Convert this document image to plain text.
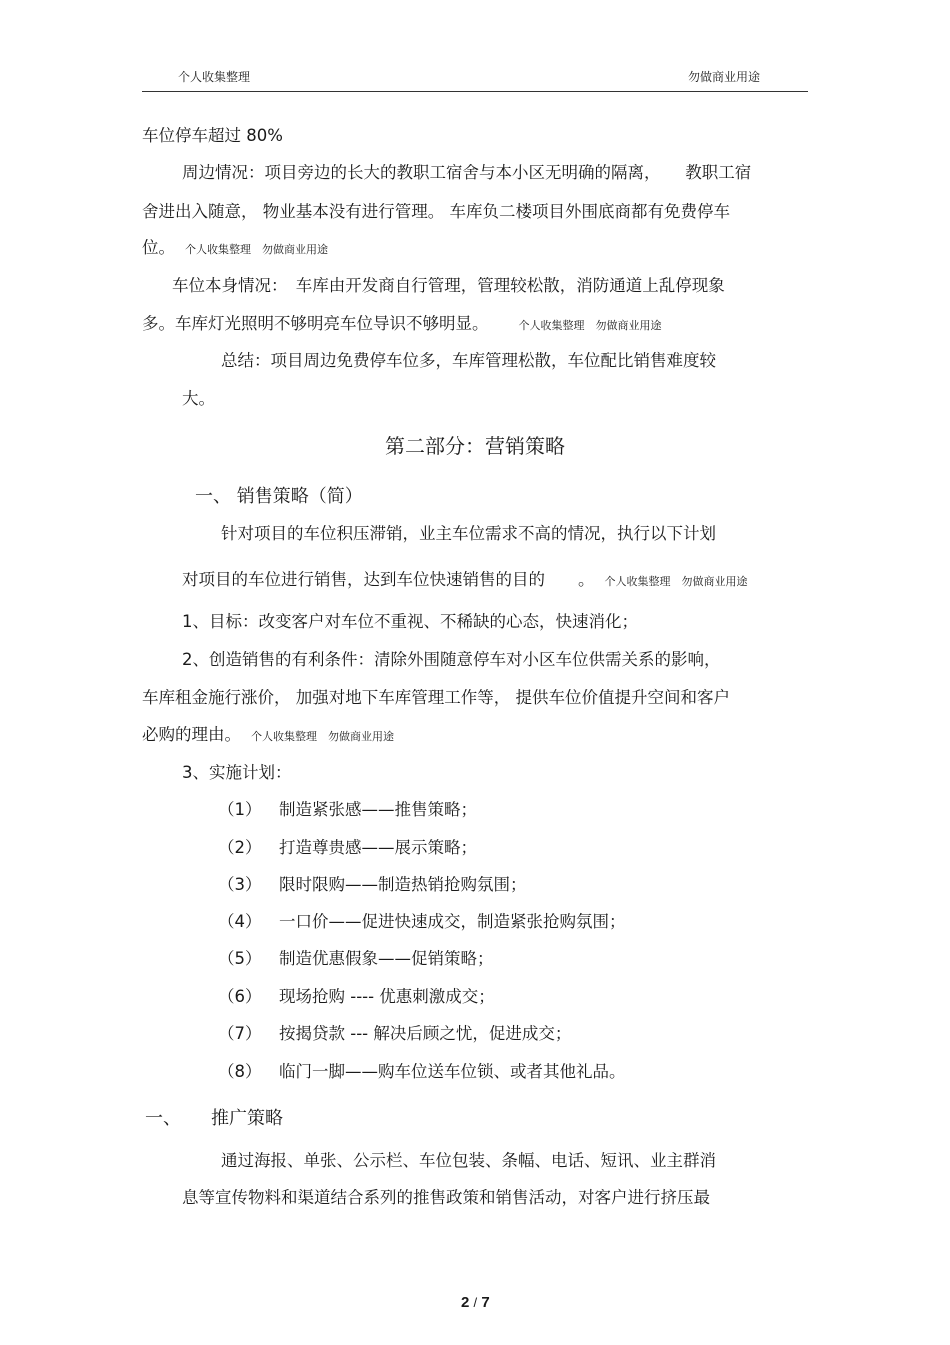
个人收集整理	勿做商业用途
车位停车超过 80%
周边情况：项目旁边的长大的教职工宿舍与本小区无明确的隔离，　　教职工宿
舍进出入随意， 物业基本没有进行管理。 车库负二楼项目外围底商都有免费停车
位。 个人收集整理　勿做商业用途
车位本身情况：　车库由开发商自行管理，管理较松散，消防通道上乱停现象
多。车库灯光照明不够明亮车位导识不够明显。	个人收集整理　勿做商业用途
总结：项目周边免费停车位多，车库管理松散，车位配比销售难度较
大。
第二部分：营销策略
一、 销售策略（简）
针对项目的车位积压滞销，业主车位需求不高的情况，执行以下计划
对项目的车位进行销售，达到车位快速销售的目的　　。 个人收集整理　勿做商业用途
1、目标：改变客户对车位不重视、不稀缺的心态，快速消化；
2、创造销售的有利条件：清除外围随意停车对小区车位供需关系的影响，
车库租金施行涨价， 加强对地下车库管理工作等， 提供车位价值提升空间和客户
必购的理由。 个人收集整理　勿做商业用途
3、实施计划：
（1） 制造紧张感——推售策略；
（2） 打造尊贵感——展示策略；
（3） 限时限购——制造热销抢购氛围；
（4） 一口价——促进快速成交，制造紧张抢购氛围；
（5） 制造优惠假象——促销策略；
（6） 现场抢购 ---- 优惠刺激成交；
（7） 按揭贷款 --- 解决后顾之忧，促进成交；
（8） 临门一脚——购车位送车位锁、或者其他礼品。
一、 推广策略
通过海报、单张、公示栏、车位包装、条幅、电话、短讯、业主群消
息等宣传物料和渠道结合系列的推售政策和销售活动，对客户进行挤压最
2 / 7
